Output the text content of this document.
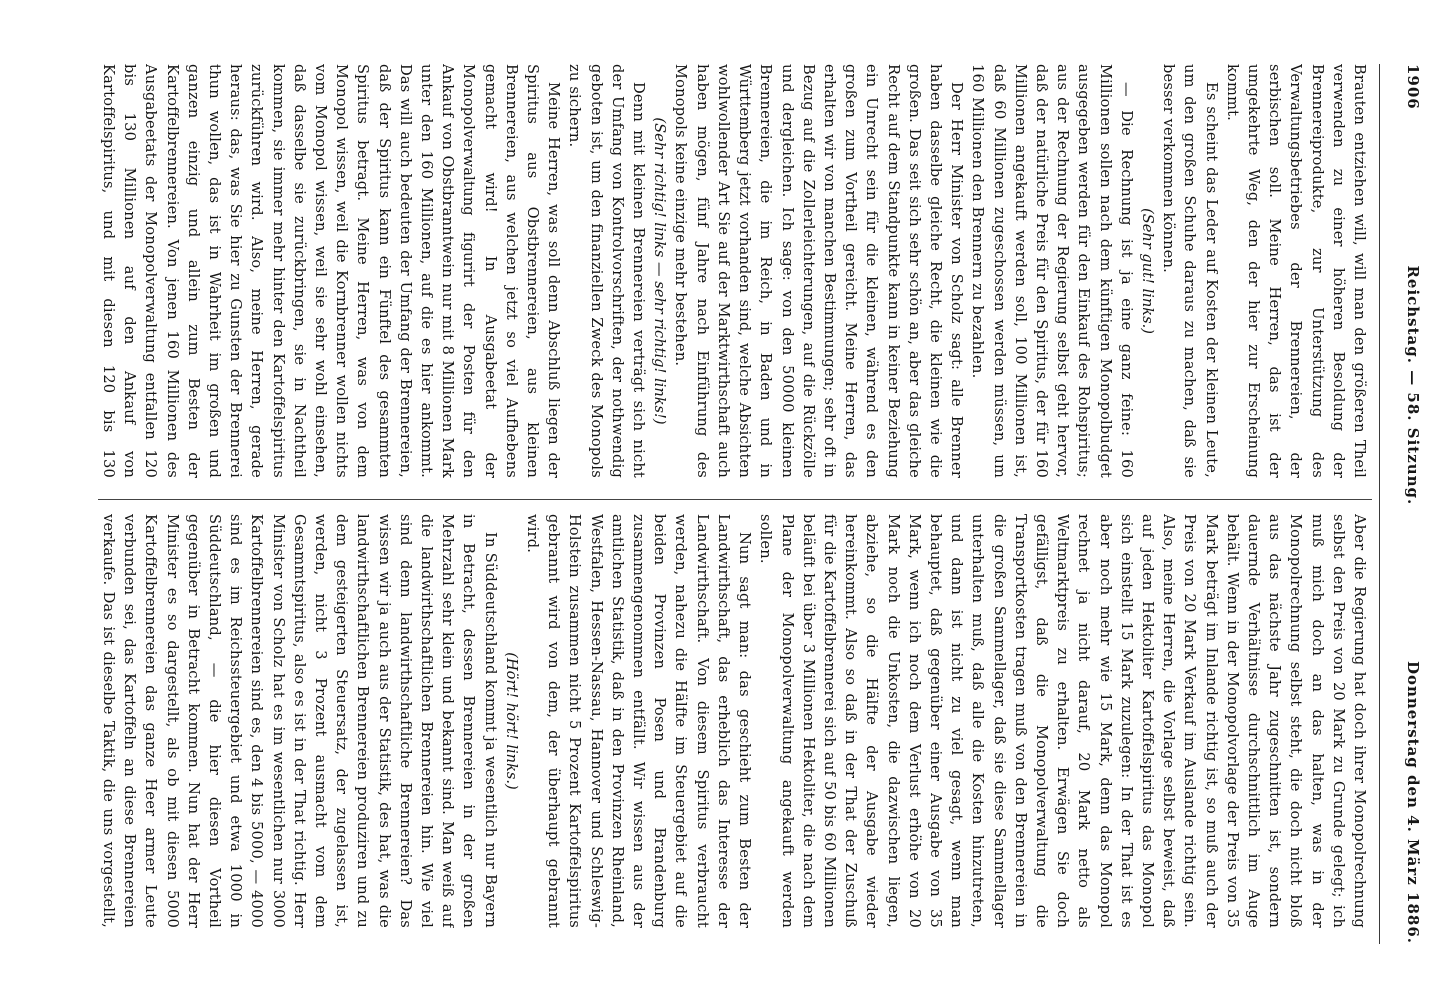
1906
Reichstag. — 58. Sitzung.
Donnerstag den 4. März 1886.

Brauten entziehen will, will man den größeren Theil verwenden zu einer höheren Besoldung der Brennereiprodukte, zur Unterstützung des Verwaltungsbetriebes der Brennereien, der serbischen soll. Meine Herren, das ist der umgekehrte Weg, den der hier zur Erscheinung kommt.

Es scheint das Leder auf Kosten der kleinen Leute, um den großen Schuhe daraus zu machen, daß sie besser verkommen können.

(Sehr gut! links.)

— Die Rechnung ist ja eine ganz feine: 160 Millionen sollen nach dem künftigen Monopolbudget ausgegeben werden für den Einkauf des Rohspiritus; aus der Rechnung der Regierung selbst geht hervor, daß der natürliche Preis für den Spiritus, der für 160 Millionen angekauft werden soll, 100 Millionen ist, daß 60 Millionen zugeschossen werden müssen, um 160 Millionen den Brennern zu bezahlen.

Der Herr Minister von Scholz sagt: alle Brenner haben dasselbe gleiche Recht, die kleinen wie die großen. Das seit sich sehr schön an, aber das gleiche Recht auf dem Standpunkte kann in keiner Beziehung ein Unrecht sein für die kleinen, während es den großen zum Vortheil gereicht. Meine Herren, das erhalten wir von manchen Bestimmungen; sehr oft in Bezug auf die Zollerleichterungen, auf die Rückzölle und dergleichen. Ich sage: von den 50000 kleinen Brennereien, die im Reich, in Baden und in Württemberg jetzt vorhanden sind, welche Absichten wohlwollender Art Sie auf der Marktwirthschaft auch haben mögen, fünf Jahre nach Einführung des Monopols keine einzige mehr bestehen.

(Sehr richtig! links — sehr richtig! links!)

Denn mit kleinen Brennereien verträgt sich nicht der Umfang von Kontrolvorschriften, der nothwendig geboten ist, um den finanziellen Zweck des Monopols zu sichern.

Meine Herren, was soll denn Abschluß liegen der Spiritus aus Obstbrennereien, aus kleinen Brennereien, aus welchen jetzt so viel Aufhebens gemacht wird! In Ausgabeetat der Monopolverwaltung figurirt der Posten für den Ankauf von Obstbranntwein nur mit 8 Millionen Mark unter den 160 Millionen, auf die es hier ankommt. Das will auch bedeuten der Umfang der Brennereien, daß der Spiritus kann ein Fünftel des gesammten Spiritus betragt. Meine Herren, was von dem Monopol wissen, weil die Kornbrenner wollen nichts vom Monopol wissen, weil sie sehr wohl einsehen, daß dasselbe sie zurückbringen, sie in Nachtheil kommen, sie immer mehr hinter den Kartoffelspiritus zurückführen wird. Also, meine Herren, gerade heraus: das, was Sie hier zu Gunsten der Brennerei thun wollen, das ist in Wahrheit im großen und ganzen einzig und allein zum Besten der Kartoffelbrennereien. Von jenen 160 Millionen des Ausgabeetats der Monopolverwaltung entfallen 120 bis 130 Millionen auf den Ankauf von Kartoffelspiritus, und mit diesen 120 bis 130

Aber die Regierung hat doch ihrer Monopolrechnung selbst den Preis von 20 Mark zu Grunde gelegt; ich muß mich doch an das halten, was in der Monopolrechnung selbst steht, die doch nicht bloß aus das nächste Jahr zugeschnitten ist, sondern dauernde Verhältnisse durchschnittlich im Auge behält. Wenn in der Monopolvorlage der Preis von 35 Mark beträgt im Inlande richtig ist, so muß auch der Preis von 20 Mark Verkauf im Auslande richtig sein. Also, meine Herren, die Vorlage selbst beweist, daß auf jeden Hektoliter Kartoffelspiritus das Monopol sich einstellt 15 Mark zuzulegen: In der That ist es aber noch mehr wie 15 Mark, denn das Monopol rechnet ja nicht darauf, 20 Mark netto als Weltmarktpreis zu erhalten. Erwägen Sie doch gefälligst, daß die Monopolverwaltung die Transportkosten tragen muß von den Brennereien in die großen Sammellager, daß sie diese Sammellager unterhalten muß, daß alle die Kosten hinzutreten, und dann ist nicht zu viel gesagt, wenn man behauptet, daß gegenüber einer Ausgabe von 35 Mark, wenn ich noch dem Verlust erhöhe von 20 Mark noch die Unkosten, die dazwischen liegen, abziehe, so die Hälfte der Ausgabe wieder hereinkommt. Also so daß in der That der Zuschuß für die Kartoffelbrennerei sich auf 50 bis 60 Millionen beläuft bei über 3 Millionen Hektoliter, die nach dem Plane der Monopolverwaltung angekauft werden sollen.

Nun sagt man: das geschieht zum Besten der Landwirthschaft, das erheblich das Interesse der Landwirthschaft. Von diesem Spiritus verbraucht werden, nahezu die Hälfte im Steuergebiet auf die beiden Provinzen Posen und Brandenburg zusammengenommen entfällt. Wir wissen aus der amtlichen Statistik, daß in den Provinzen Rheinland, Westfalen, Hessen-Nassau, Hannover und Schleswig-Holstein zusammen nicht 5 Prozent Kartoffelspiritus gebrannt wird von dem, der überhaupt gebrannt wird.

(Hört! hört! links.)

In Süddeutschland kommt ja wesentlich nur Bayern in Betracht, dessen Brennereien in der großen Mehrzahl sehr klein und bekannt sind. Man weiß auf die landwirthschaftlichen Brennereien hin. Wie viel sind denn landwirthschaftliche Brennereien? Das wissen wir ja auch aus der Statistik, des hat, was die landwirthschaftlichen Brennereien produziren und zu dem gesteigerten Steuersatz, der zugelassen ist, werden, nicht 3 Prozent ausmacht vom dem Gesammtspiritus, also es ist in der That richtig. Herr Minister von Scholz hat es im wesentlichen nur 3000 Kartoffelbrennereien sind es, den 4 bis 5000, — 4000 sind es im Reichssteuergebiet und etwa 1000 in Süddeutschland, — die hier diesen Vortheil gegenüber in Betracht kommen. Nun hat der Herr Minister es so dargestellt, als ob mit diesen 5000 Kartoffelbrennereien das ganze Heer armer Leute verbunden sei, das Kartoffeln an diese Brennereien verkaufe. Das ist dieselbe Taktik, die uns vorgestellt,
